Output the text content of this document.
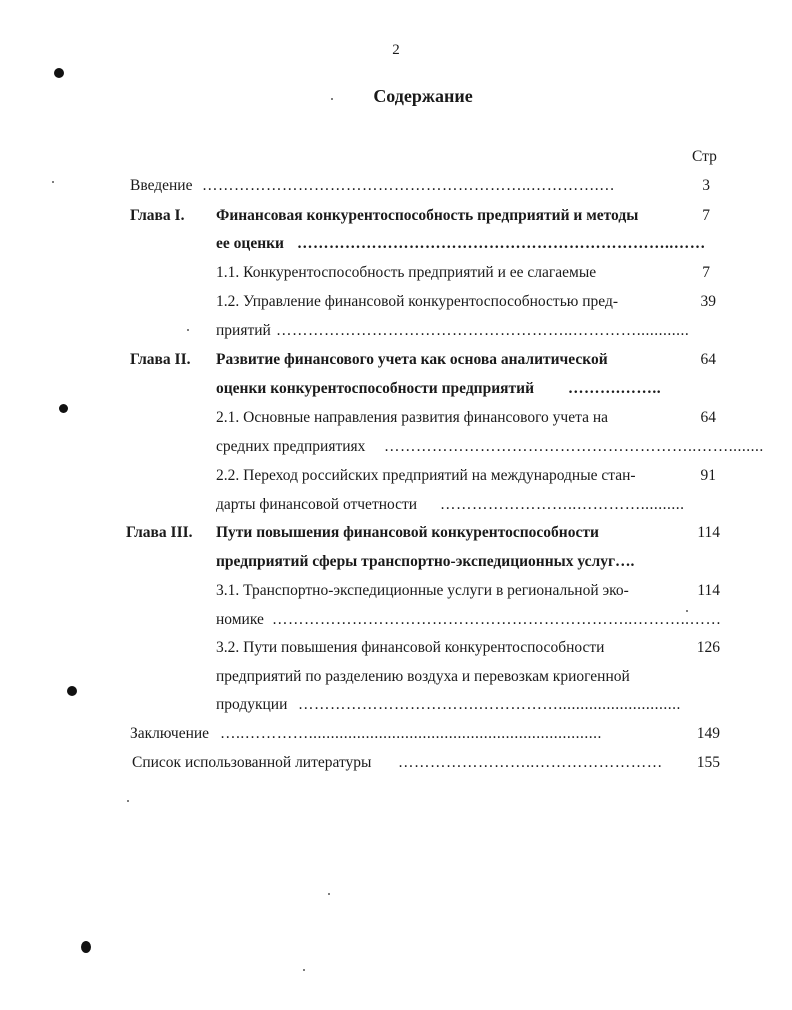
2
Содержание
Стр
Введение ……………………………………………………..………….…	3
Глава I. Финансовая конкурентоспособность предприятий и методы	7
ее оценки ……………………………………………………………..……
1.1. Конкурентоспособность предприятий и ее слагаемые	7
1.2. Управление финансовой конкурентоспособностью пред-	39
приятий ………………………………………………..…………............
Глава II. Развитие финансового учета как основа аналитической	64
оценки конкурентоспособности предприятий ……….……..
2.1. Основные направления развития финансового учета на	64
средних предприятиях …………………………………………………..……........
2.2. Переход российских предприятий на международные стан-	91
дарты финансовой отчетности ……………………..…………..........
Глава III. Пути повышения финансовой конкурентоспособности	114
предприятий сферы транспортно-экспедиционных услуг….
3.1. Транспортно-экспедиционные услуги в региональной эко-	114
номике …………………………………………………………..………..……
3.2. Пути повышения финансовой конкурентоспособности	126
предприятий по разделению воздуха и перевозкам криогенной
продукции …………………………….……………............................
Заключение …..…………...................................................................	149
Список использованной литературы ……………………..…………………… 155
